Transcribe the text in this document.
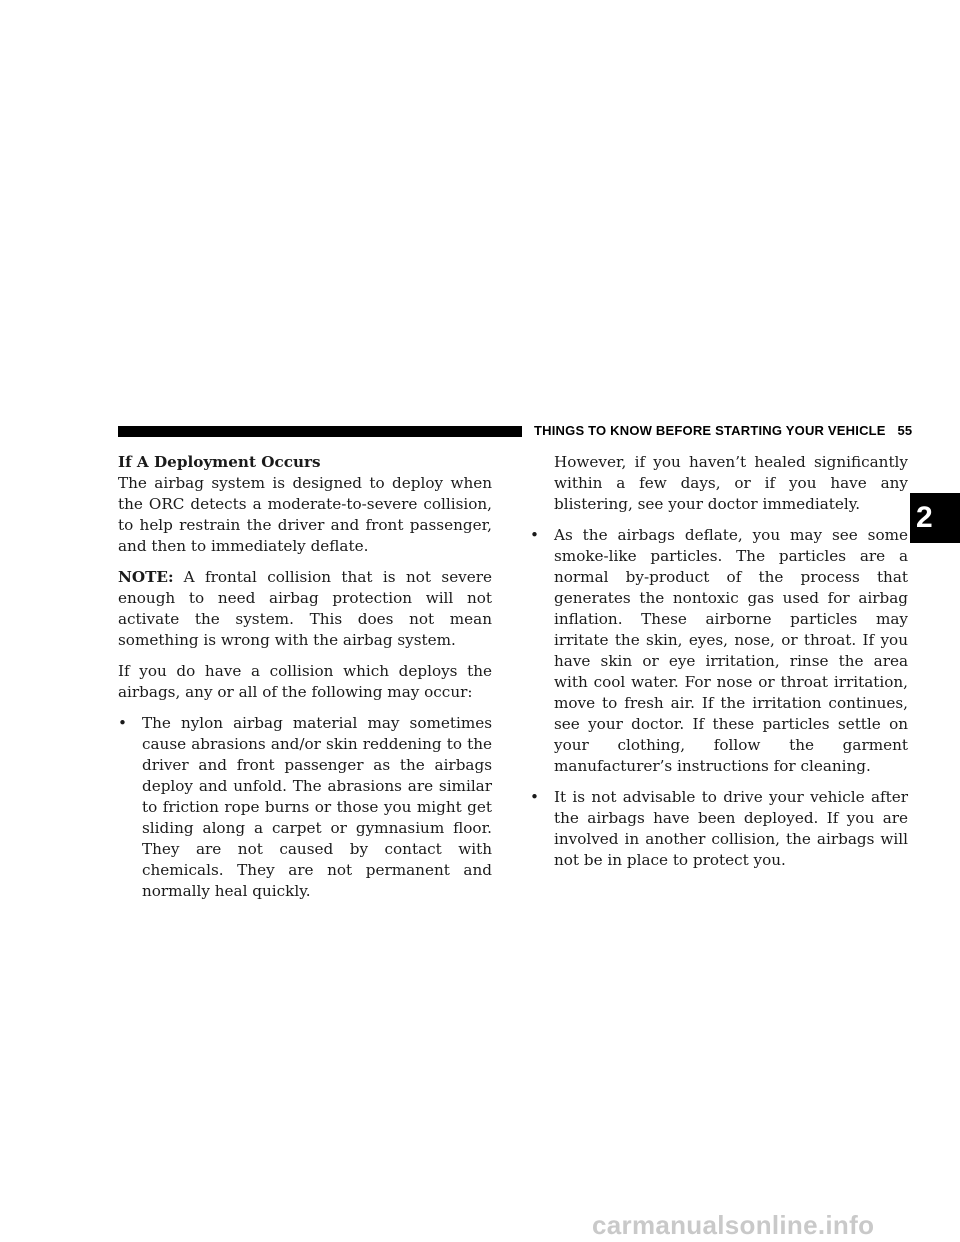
THINGS TO KNOW BEFORE STARTING YOUR VEHICLE 55
2
If A Deployment Occurs

The airbag system is designed to deploy when the ORC detects a moderate-to-severe collision, to help restrain the driver and front passenger, and then to immediately deflate.

NOTE: A frontal collision that is not severe enough to need airbag protection will not activate the system. This does not mean something is wrong with the airbag system.

If you do have a collision which deploys the airbags, any or all of the following may occur:

• The nylon airbag material may sometimes cause abrasions and/or skin reddening to the driver and front passenger as the airbags deploy and unfold. The abrasions are similar to friction rope burns or those you might get sliding along a carpet or gymnasium floor. They are not caused by contact with chemicals. They are not permanent and normally heal quickly.

However, if you haven’t healed significantly within a few days, or if you have any blistering, see your doctor immediately.

• As the airbags deflate, you may see some smoke-like particles. The particles are a normal by-product of the process that generates the nontoxic gas used for airbag inflation. These airborne particles may irritate the skin, eyes, nose, or throat. If you have skin or eye irritation, rinse the area with cool water. For nose or throat irritation, move to fresh air. If the irritation continues, see your doctor. If these particles settle on your clothing, follow the garment manufacturer’s instructions for cleaning.
• It is not advisable to drive your vehicle after the airbags have been deployed. If you are involved in another collision, the airbags will not be in place to protect you.
carmanualsonline.info
